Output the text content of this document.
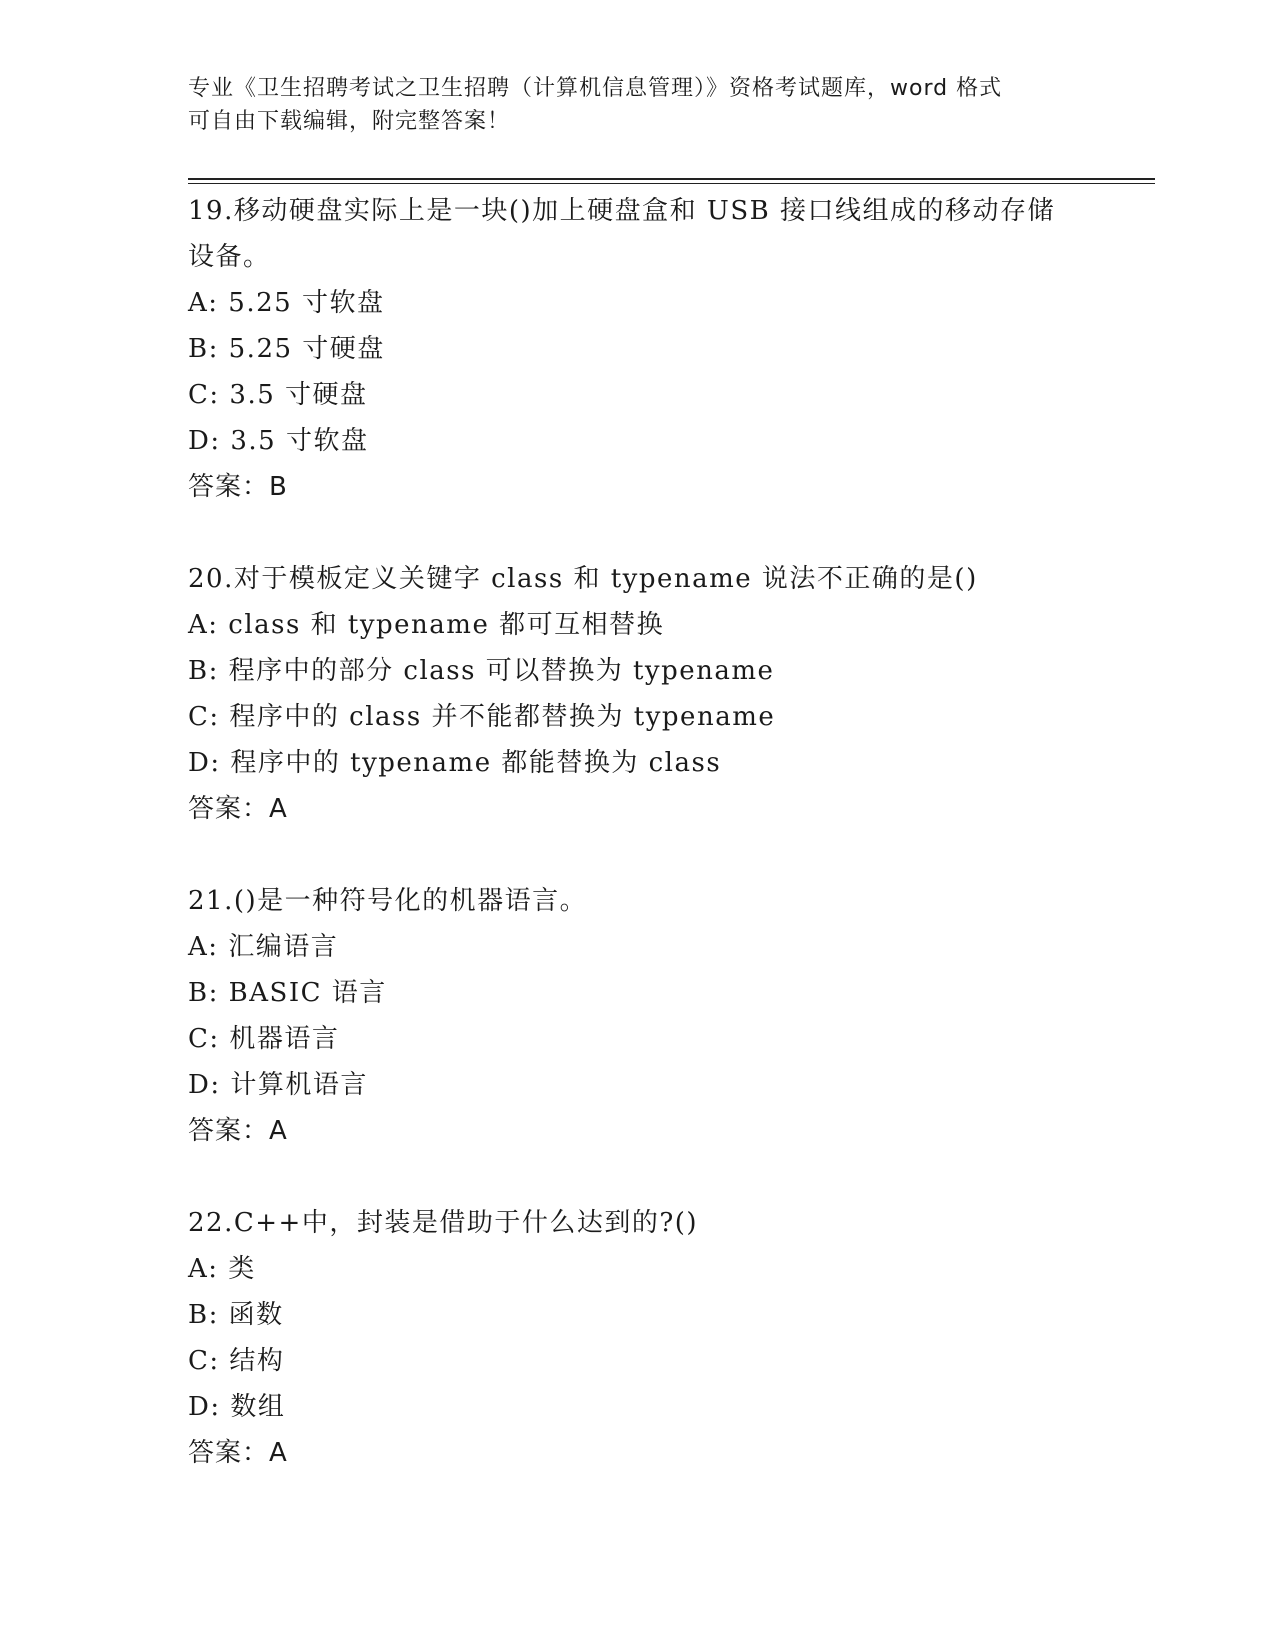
专业《卫生招聘考试之卫生招聘（计算机信息管理）》资格考试题库，word 格式
可自由下载编辑，附完整答案！

19.移动硬盘实际上是一块()加上硬盘盒和 USB 接口线组成的移动存储

设备。

A: 5.25 寸软盘

B: 5.25 寸硬盘

C: 3.5 寸硬盘

D: 3.5 寸软盘

答案：B

20.对于模板定义关键字 class 和 typename 说法不正确的是()

A: class 和 typename 都可互相替换

B: 程序中的部分 class 可以替换为 typename

C: 程序中的 class 并不能都替换为 typename

D: 程序中的 typename 都能替换为 class

答案：A

21.()是一种符号化的机器语言。

A: 汇编语言

B: BASIC 语言

C: 机器语言

D: 计算机语言

答案：A

22.C++中，封装是借助于什么达到的?()

A: 类

B: 函数

C: 结构

D: 数组

答案：A
